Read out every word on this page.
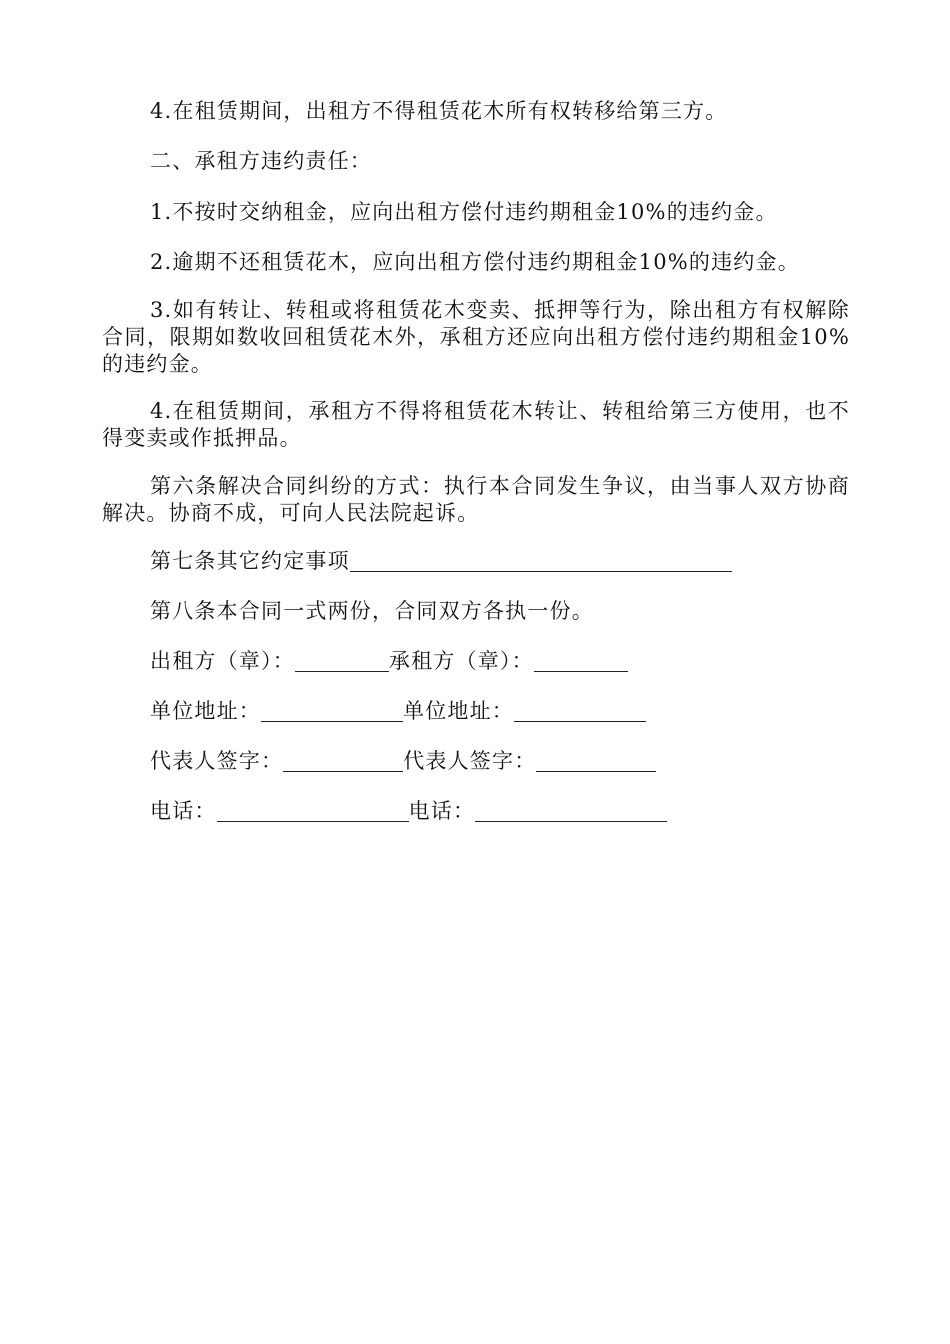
4.在租赁期间，出租方不得租赁花木所有权转移给第三方。

二、承租方违约责任：

1.不按时交纳租金，应向出租方偿付违约期租金10%的违约金。

2.逾期不还租赁花木，应向出租方偿付违约期租金10%的违约金。

3.如有转让、转租或将租赁花木变卖、抵押等行为，除出租方有权解除合同，限期如数收回租赁花木外，承租方还应向出租方偿付违约期租金10%的违约金。

4.在租赁期间，承租方不得将租赁花木转让、转租给第三方使用，也不得变卖或作抵押品。

第六条解决合同纠纷的方式：执行本合同发生争议，由当事人双方协商解决。协商不成，可向人民法院起诉。

第七条其它约定事项
第八条本合同一式两份，合同双方各执一份。
出租方（章）：	承租方（章）：
单位地址：	单位地址：
代表人签字：	代表人签字：
电话：	电话：
